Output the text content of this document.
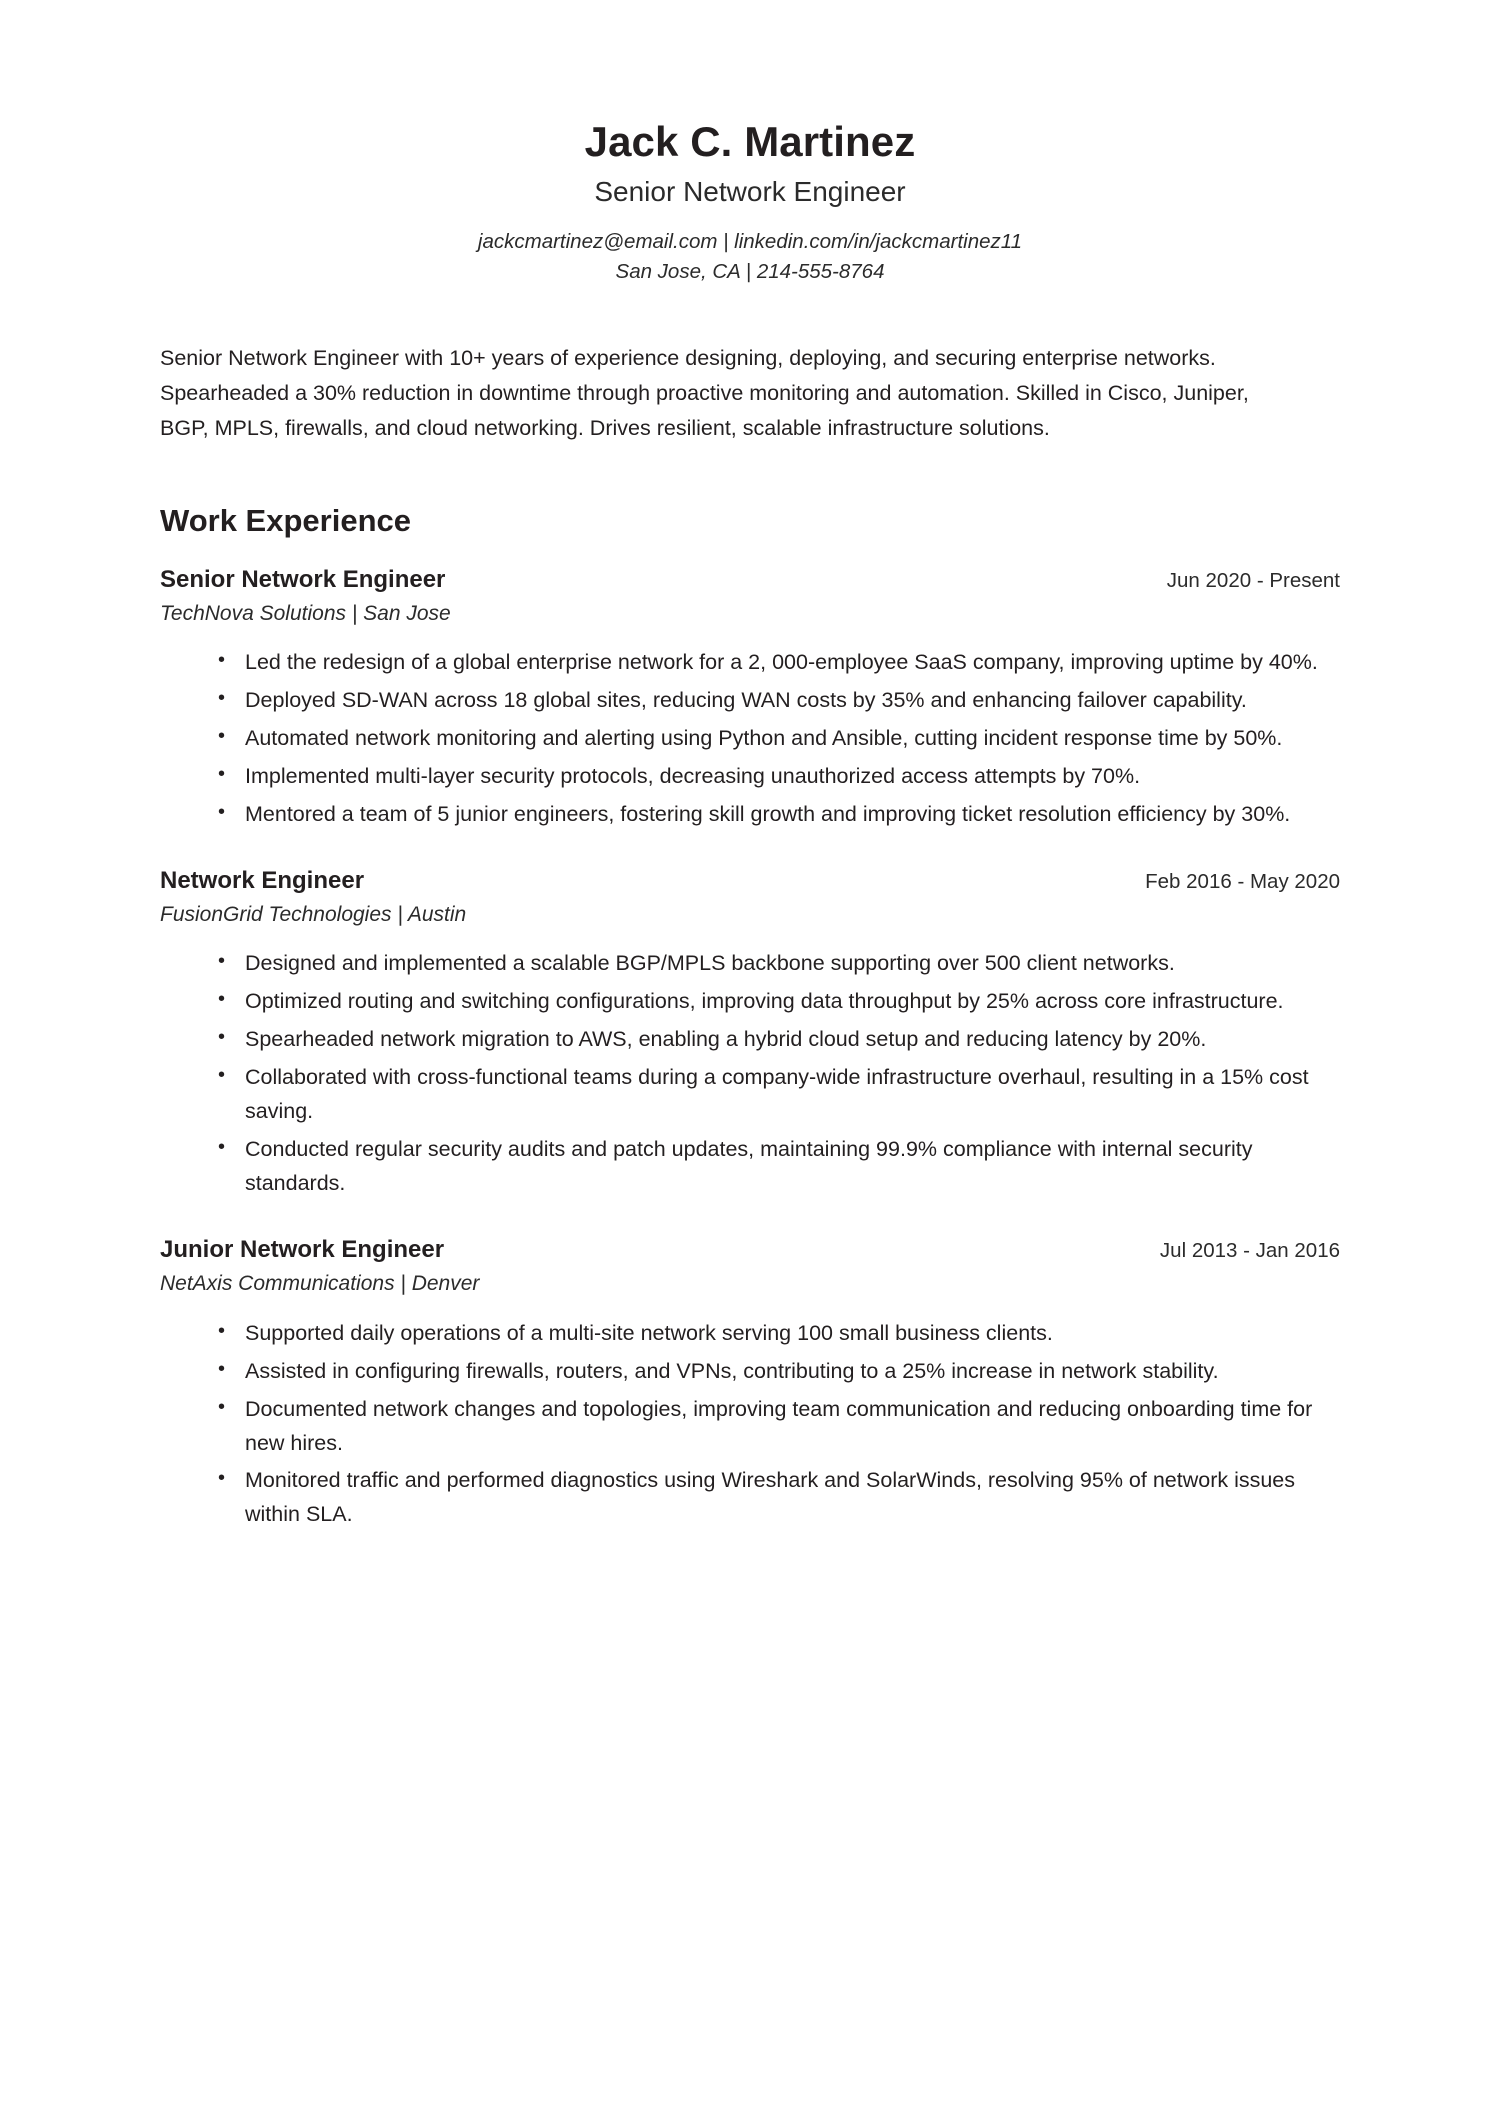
Jack C. Martinez
Senior Network Engineer
jackcmartinez@email.com | linkedin.com/in/jackcmartinez11
San Jose, CA | 214-555-8764

Senior Network Engineer with 10+ years of experience designing, deploying, and securing enterprise networks. Spearheaded a 30% reduction in downtime through proactive monitoring and automation. Skilled in Cisco, Juniper, BGP, MPLS, firewalls, and cloud networking. Drives resilient, scalable infrastructure solutions.

Work Experience
Senior Network Engineer	Jun 2020 - Present
TechNova Solutions | San Jose
• Led the redesign of a global enterprise network for a 2, 000-employee SaaS company, improving uptime by 40%.
• Deployed SD-WAN across 18 global sites, reducing WAN costs by 35% and enhancing failover capability.
• Automated network monitoring and alerting using Python and Ansible, cutting incident response time by 50%.
• Implemented multi-layer security protocols, decreasing unauthorized access attempts by 70%.
• Mentored a team of 5 junior engineers, fostering skill growth and improving ticket resolution efficiency by 30%.
Network Engineer	Feb 2016 - May 2020
FusionGrid Technologies | Austin
• Designed and implemented a scalable BGP/MPLS backbone supporting over 500 client networks.
• Optimized routing and switching configurations, improving data throughput by 25% across core infrastructure.
• Spearheaded network migration to AWS, enabling a hybrid cloud setup and reducing latency by 20%.
• Collaborated with cross-functional teams during a company-wide infrastructure overhaul, resulting in a 15% cost saving.
• Conducted regular security audits and patch updates, maintaining 99.9% compliance with internal security standards.
Junior Network Engineer	Jul 2013 - Jan 2016
NetAxis Communications | Denver
• Supported daily operations of a multi-site network serving 100 small business clients.
• Assisted in configuring firewalls, routers, and VPNs, contributing to a 25% increase in network stability.
• Documented network changes and topologies, improving team communication and reducing onboarding time for new hires.
• Monitored traffic and performed diagnostics using Wireshark and SolarWinds, resolving 95% of network issues within SLA.
